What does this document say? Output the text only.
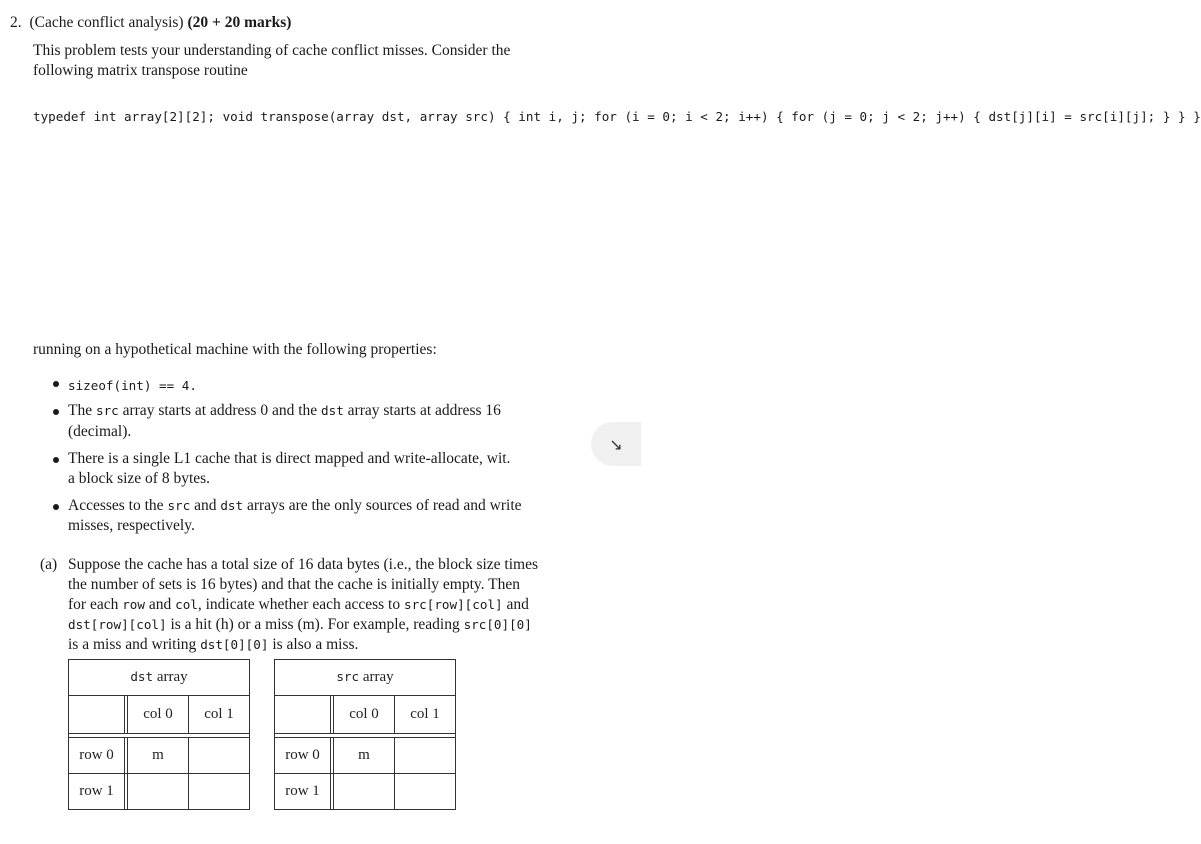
2. (Cache conflict analysis) (20 + 20 marks)
This problem tests your understanding of cache conflict misses. Consider the
following matrix transpose routine
typedef int array[2][2]; void transpose(array dst, array src) { int i, j; for (i = 0; i < 2; i++) { for (j = 0; j < 2; j++) { dst[j][i] = src[i][j]; } } }
running on a hypothetical machine with the following properties:
sizeof(int) == 4.
The src array starts at address 0 and the dst array starts at address 16
(decimal).
There is a single L1 cache that is direct mapped and write-allocate, wit.
a block size of 8 bytes.
Accesses to the src and dst arrays are the only sources of read and write
misses, respectively.
↘
(a) Suppose the cache has a total size of 16 data bytes (i.e., the block size times
the number of sets is 16 bytes) and that the cache is initially empty. Then
for each row and col, indicate whether each access to src[row][col] and
dst[row][col] is a hit (h) or a miss (m). For example, reading src[0][0]
is a miss and writing dst[0][0] is also a miss.
dst array			
		col 0	col 1

row 0		m	
row 1			
src array			
		col 0	col 1

row 0		m	
row 1			
